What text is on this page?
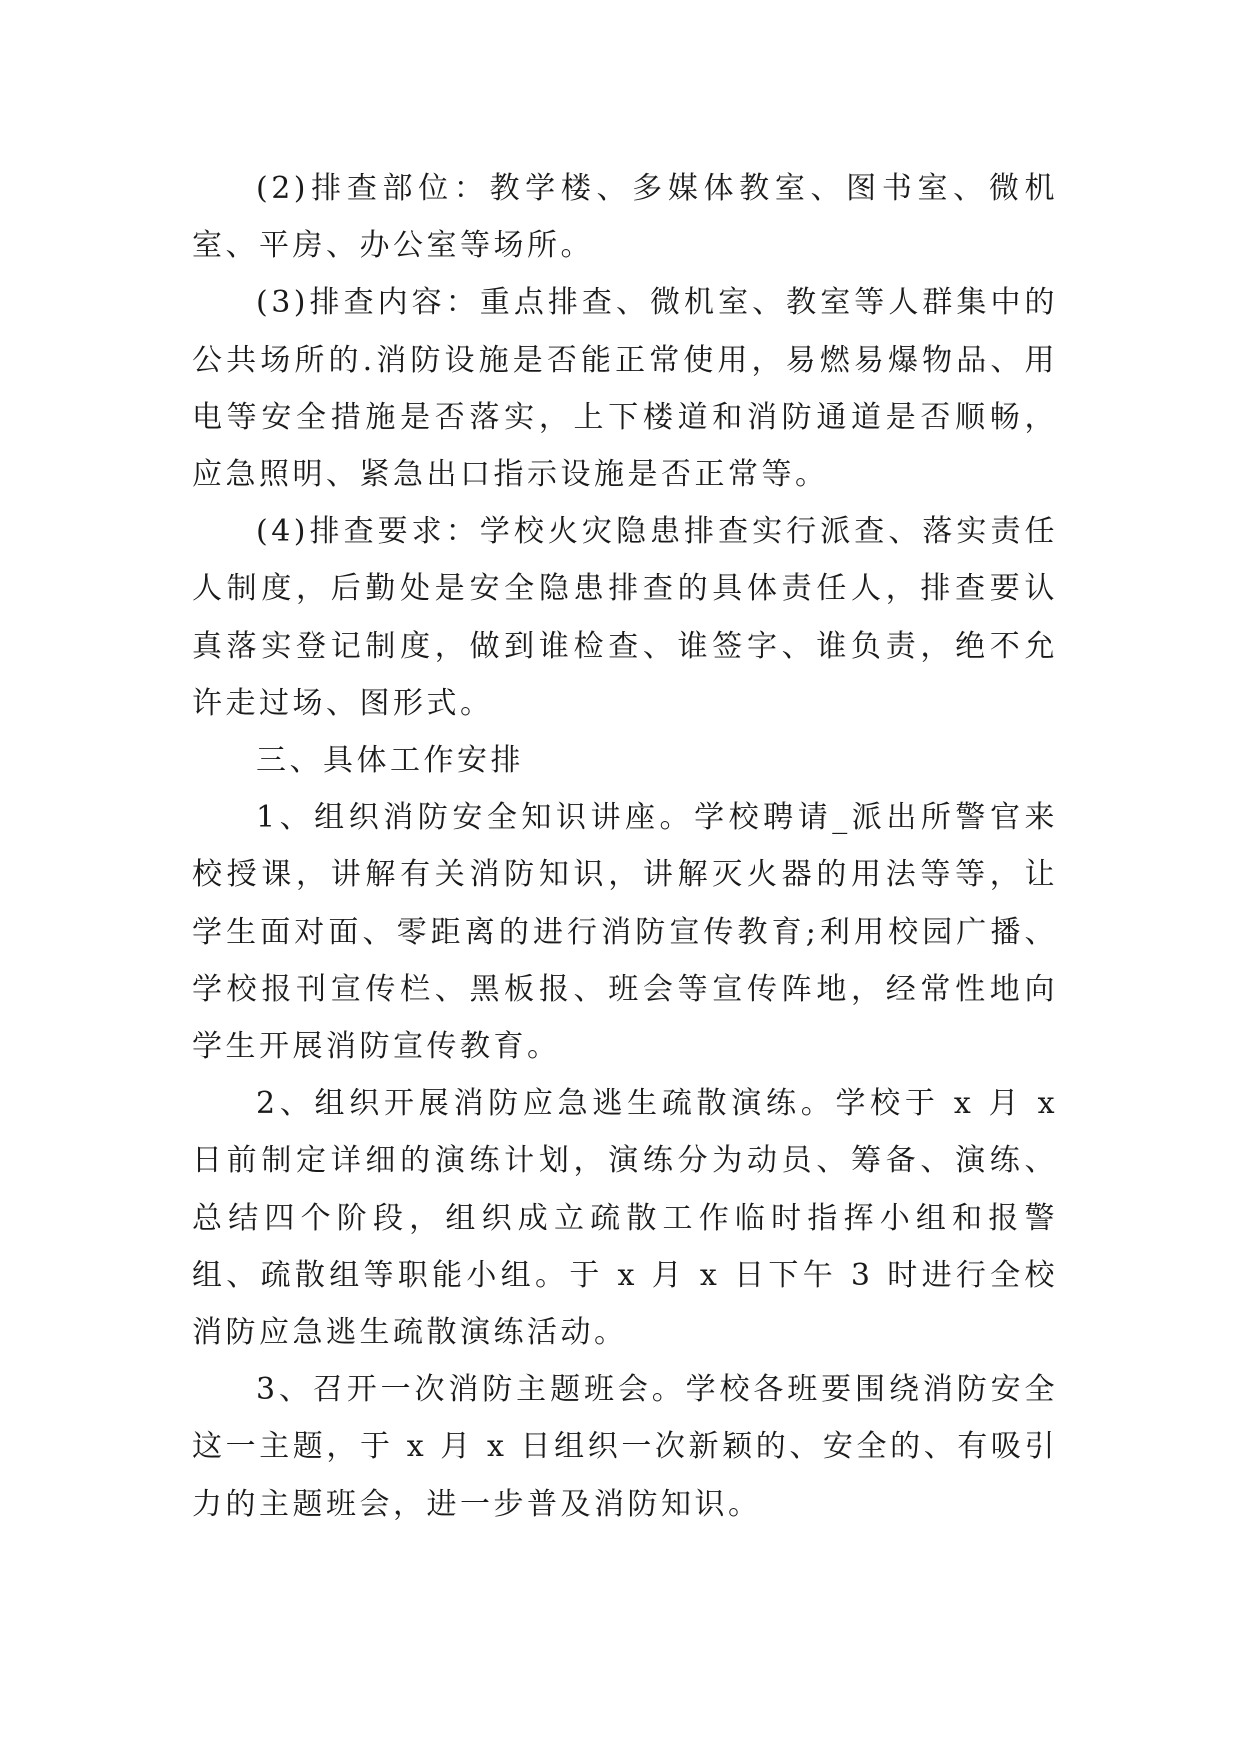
(2)排查部位：教学楼、多媒体教室、图书室、微机室、平房、办公室等场所。

(3)排查内容：重点排查、微机室、教室等人群集中的公共场所的.消防设施是否能正常使用，易燃易爆物品、用电等安全措施是否落实，上下楼道和消防通道是否顺畅，应急照明、紧急出口指示设施是否正常等。

(4)排查要求：学校火灾隐患排查实行派查、落实责任人制度，后勤处是安全隐患排查的具体责任人，排查要认真落实登记制度，做到谁检查、谁签字、谁负责，绝不允许走过场、图形式。

三、具体工作安排

1、组织消防安全知识讲座。学校聘请_派出所警官来校授课，讲解有关消防知识，讲解灭火器的用法等等，让学生面对面、零距离的进行消防宣传教育;利用校园广播、学校报刊宣传栏、黑板报、班会等宣传阵地，经常性地向学生开展消防宣传教育。

2、组织开展消防应急逃生疏散演练。学校于 x 月 x 日前制定详细的演练计划，演练分为动员、筹备、演练、总结四个阶段，组织成立疏散工作临时指挥小组和报警组、疏散组等职能小组。于 x 月 x 日下午 3 时进行全校消防应急逃生疏散演练活动。

3、召开一次消防主题班会。学校各班要围绕消防安全这一主题，于 x 月 x 日组织一次新颖的、安全的、有吸引力的主题班会，进一步普及消防知识。
